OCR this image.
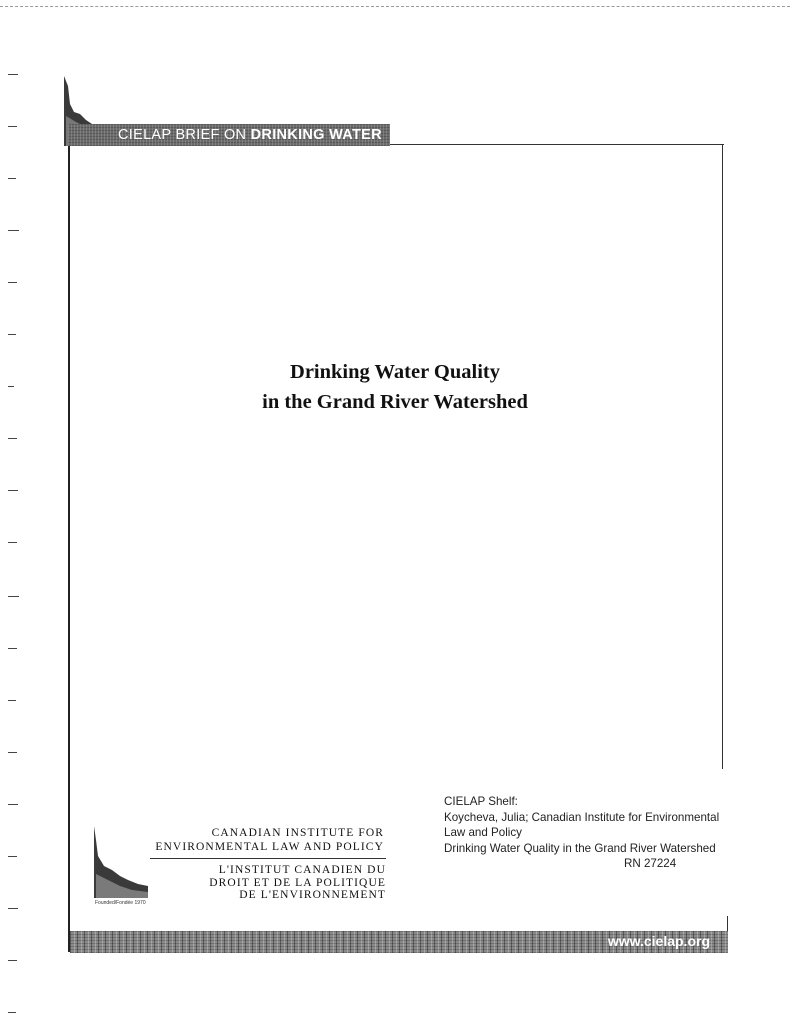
CIELAP BRIEF ON DRINKING WATER
Drinking Water Quality
in the Grand River Watershed
CIELAP Shelf:
Koycheva, Julia; Canadian Institute for Environmental
Law and Policy
Drinking Water Quality in the Grand River Watershed
RN 27224
Founded/Fondée 1970
CANADIAN INSTITUTE FOR
ENVIRONMENTAL LAW AND POLICY
L'INSTITUT CANADIEN DU
DROIT ET DE LA POLITIQUE
DE L'ENVIRONNEMENT
www.cielap.org
